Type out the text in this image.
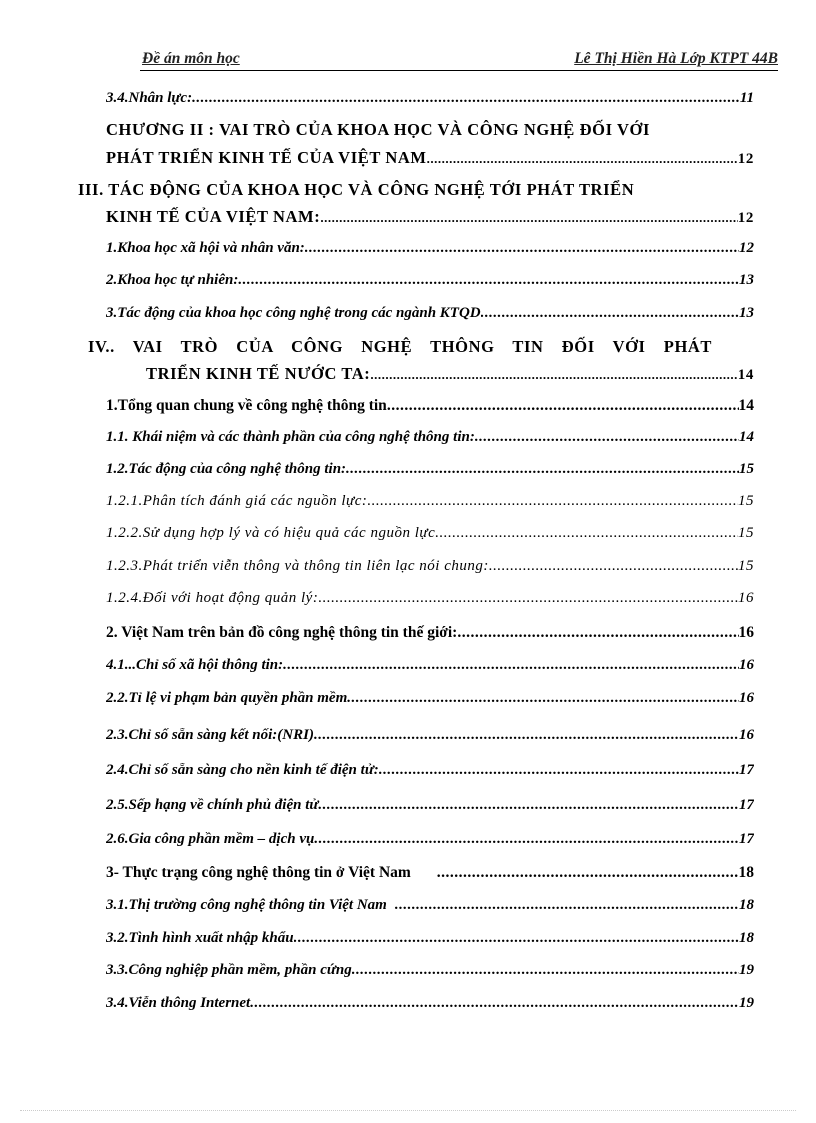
Đề án môn học	Lê Thị Hiền Hà Lớp KTPT 44B
3.4.Nhân lực: .....	11
CHƯƠNG II : VAI TRÒ CỦA KHOA HỌC VÀ CÔNG NGHỆ ĐỐI VỚI
PHÁT TRIỂN KINH TẾ CỦA VIỆT NAM .....	12
III. TÁC ĐỘNG CỦA KHOA HỌC VÀ CÔNG NGHỆ TỚI PHÁT TRIỂN
KINH TẾ CỦA VIỆT NAM: .....	12
1.Khoa học xã hội và nhân văn: .....	12
2.Khoa học tự nhiên: .....	13
3.Tác động của khoa học công nghệ trong các ngành KTQD .....	13
IV.. VAI TRÒ CỦA CÔNG NGHỆ THÔNG TIN ĐỐI VỚI PHÁT
TRIỂN KINH TẾ NƯỚC TA: .....	14
1.Tổng quan chung về công nghệ thông tin .....	14
1.1. Khái niệm và các thành phần của công nghệ thông tin: .....	14
1.2.Tác động của công nghệ thông tin: .....	15
1.2.1.Phân tích đánh giá các nguồn lực: .....	15
1.2.2.Sử dụng hợp lý và có hiệu quả các nguồn lực .....	15
1.2.3.Phát triển viễn thông và thông tin liên lạc nói chung: .....	15
1.2.4.Đối với hoạt động quản lý: .....	16
2. Việt Nam trên bản đồ công nghệ thông tin thế giới: .....	16
4.1...Chỉ số xã hội thông tin: .....	16
2.2.Tỉ lệ vi phạm bản quyền phần mềm .....	16
2.3.Chỉ số sẵn sàng kết nối:(NRI) .....	16
2.4.Chỉ số sẵn sàng cho nền kinh tế điện tử: .....	17
2.5.Sếp hạng về chính phủ điện tử .....	17
2.6.Gia công phần mềm – dịch vụ .....	17
3- Thực trạng công nghệ thông tin ở Việt Nam .....	18
3.1.Thị trường công nghệ thông tin Việt Nam .....	18
3.2.Tình hình xuất nhập khẩu .....	18
3.3.Công nghiệp phần mềm, phần cứng .....	19
3.4.Viễn thông Internet .....	19
